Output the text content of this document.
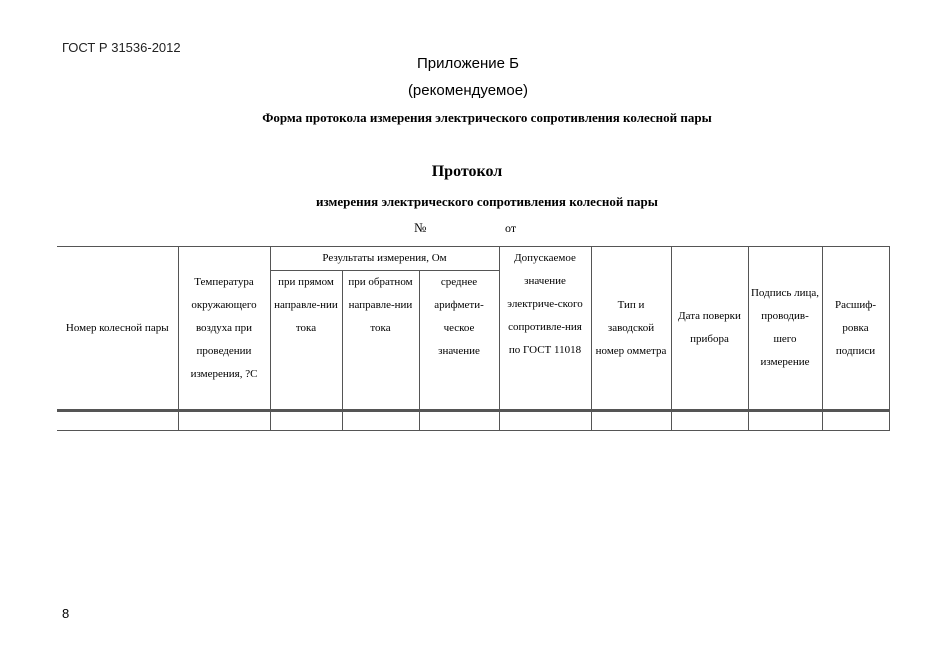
ГОСТ Р 31536-2012
Приложение Б
(рекомендуемое)
Форма протокола измерения электрического сопротивления колесной пары
Протокол
измерения электрического сопротивления колесной пары
№	от
Номер колесной пары	Температура окружающего воздуха при проведении измерения, ?С	Результаты измерения, Ом			Допускаемое значение электриче-ского сопротивле-ния по ГОСТ 11018	Тип и заводской номер омметра	Дата поверки прибора	Подпись лица, проводив-шего измерение	Расшиф-ровка подписи
		при прямом направле-нии тока	при обратном направле-нии тока	среднее арифмети-ческое значение					

8
